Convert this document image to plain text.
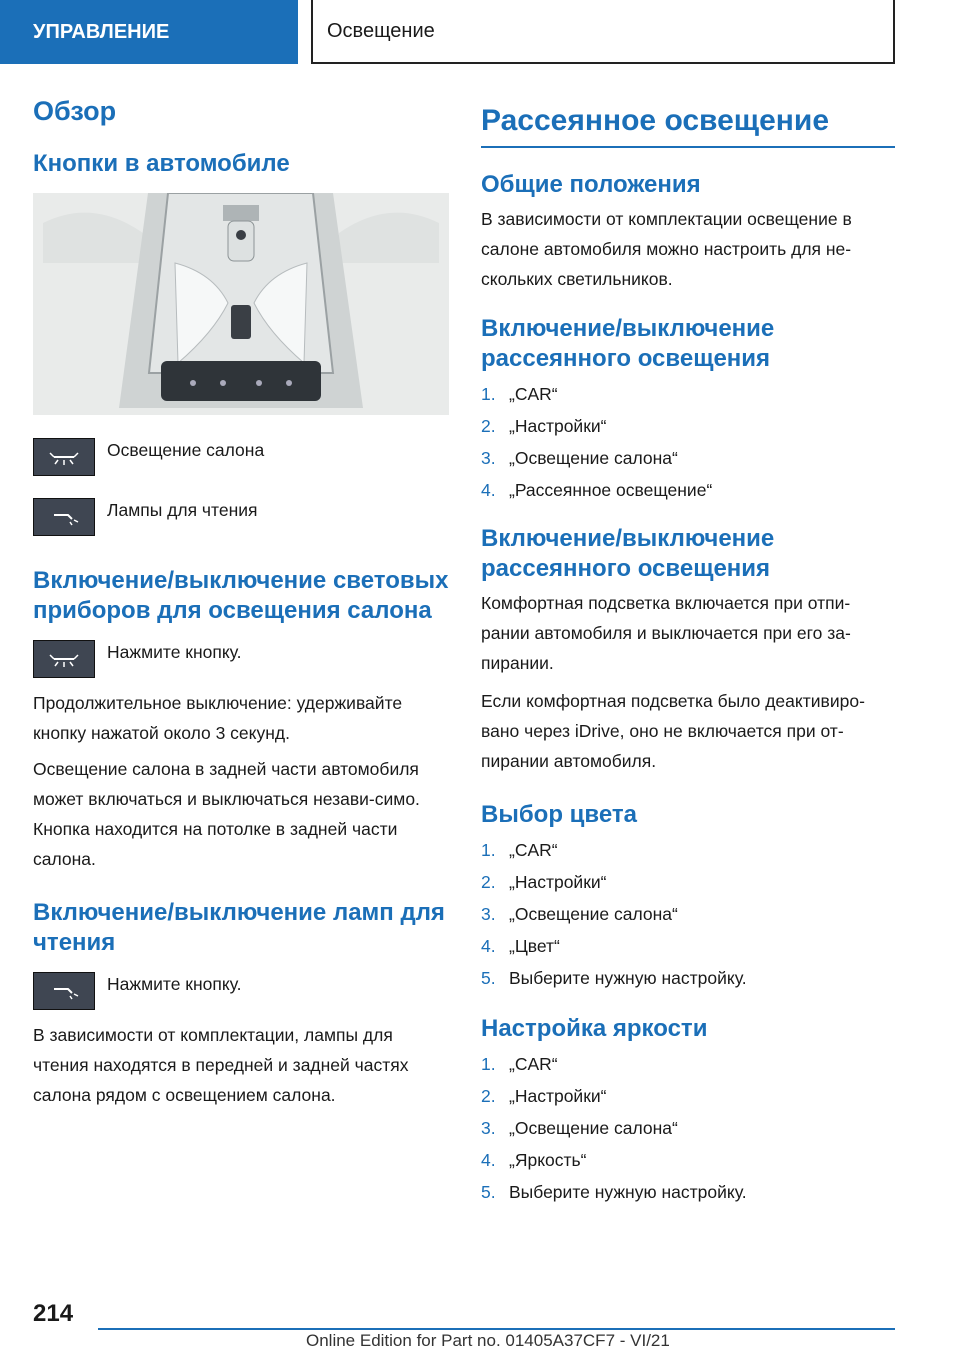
УПРАВЛЕНИЕ	Освещение
Обзор
Кнопки в автомобиле

Освещение салона

Лампы для чтения

Включение/выключение световых приборов для освещения салона

Нажмите кнопку.

Продолжительное выключение: удерживайте кнопку нажатой около 3 секунд.

Освещение салона в задней части автомобиля может включаться и выключаться незави-симо. Кнопка находится на потолке в задней части салона.

Включение/выключение ламп для чтения

Нажмите кнопку.

В зависимости от комплектации, лампы для чтения находятся в передней и задней частях салона рядом с освещением салона.

Рассеянное освещение
Общие положения

В зависимости от комплектации освещение в салоне автомобиля можно настроить для не-скольких светильников.

Включение/выключение рассеянного освещения
1. „CAR“
2. „Настройки“
3. „Освещение салона“
4. „Рассеянное освещение“
Включение/выключение рассеянного освещения

Комфортная подсветка включается при отпи-рании автомобиля и выключается при его за-пирании.

Если комфортная подсветка было деактивиро-вано через iDrive, оно не включается при от-пирании автомобиля.

Выбор цвета
1. „CAR“
2. „Настройки“
3. „Освещение салона“
4. „Цвет“
5. Выберите нужную настройку.
Настройка яркости
1. „CAR“
2. „Настройки“
3. „Освещение салона“
4. „Яркость“
5. Выберите нужную настройку.
214
Online Edition for Part no. 01405A37CF7 - VI/21
